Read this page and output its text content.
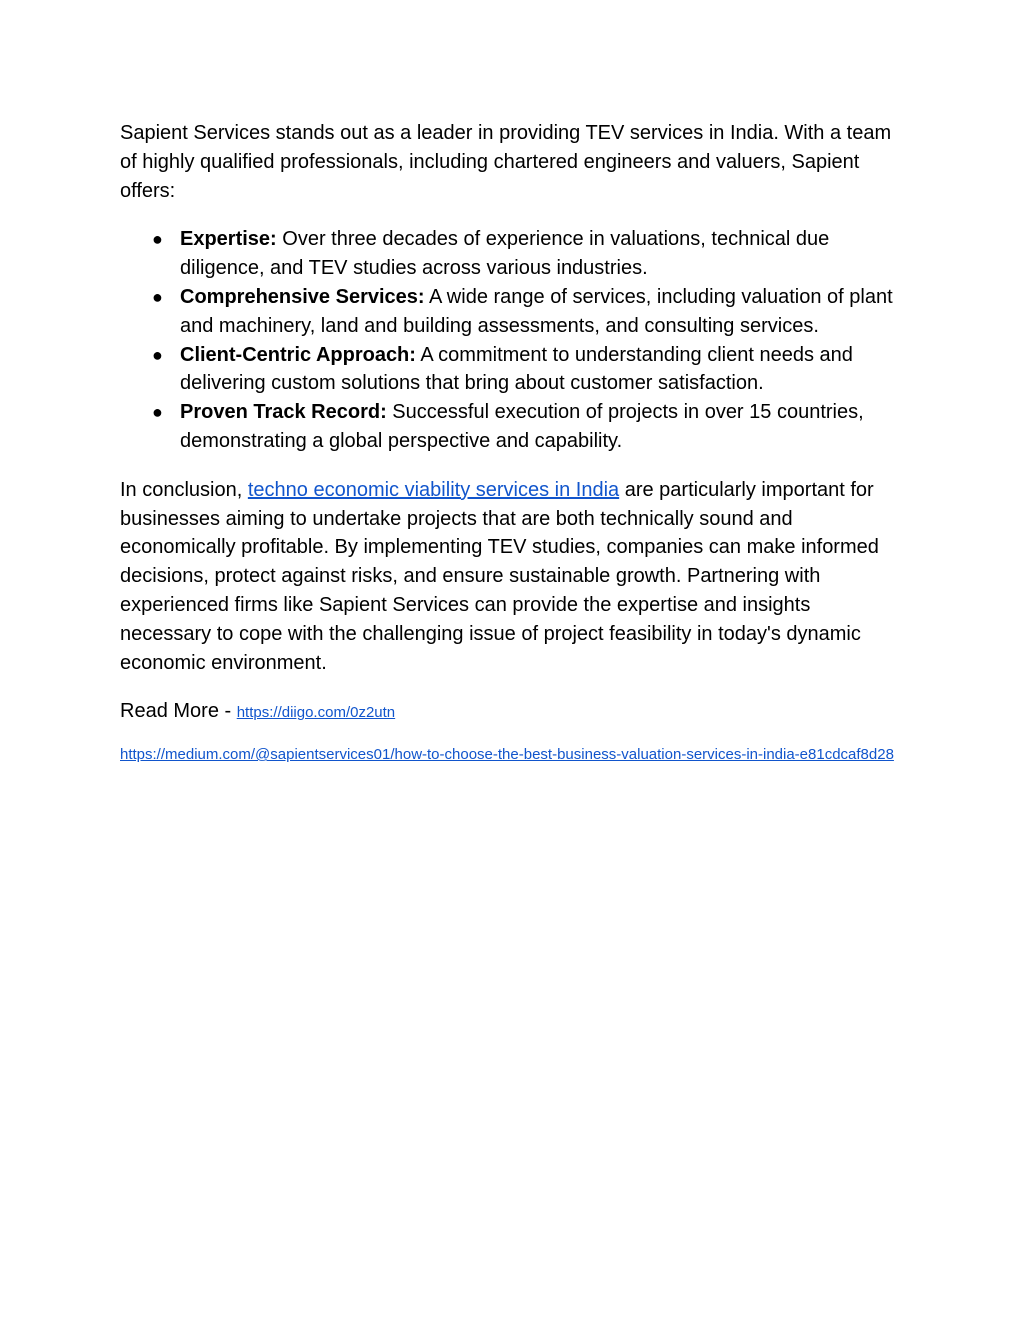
Sapient Services stands out as a leader in providing TEV services in India. With a team of highly qualified professionals, including chartered engineers and valuers, Sapient offers:

● Expertise: Over three decades of experience in valuations, technical due diligence, and TEV studies across various industries.
● Comprehensive Services: A wide range of services, including valuation of plant and machinery, land and building assessments, and consulting services.
● Client-Centric Approach: A commitment to understanding client needs and delivering custom solutions that bring about customer satisfaction.
● Proven Track Record: Successful execution of projects in over 15 countries, demonstrating a global perspective and capability.

In conclusion, techno economic viability services in India are particularly important for businesses aiming to undertake projects that are both technically sound and economically profitable. By implementing TEV studies, companies can make informed decisions, protect against risks, and ensure sustainable growth. Partnering with experienced firms like Sapient Services can provide the expertise and insights necessary to cope with the challenging issue of project feasibility in today's dynamic economic environment.

Read More - https://diigo.com/0z2utn

https://medium.com/@sapientservices01/how-to-choose-the-best-business-valuation-services-in-india-e81cdcaf8d28
